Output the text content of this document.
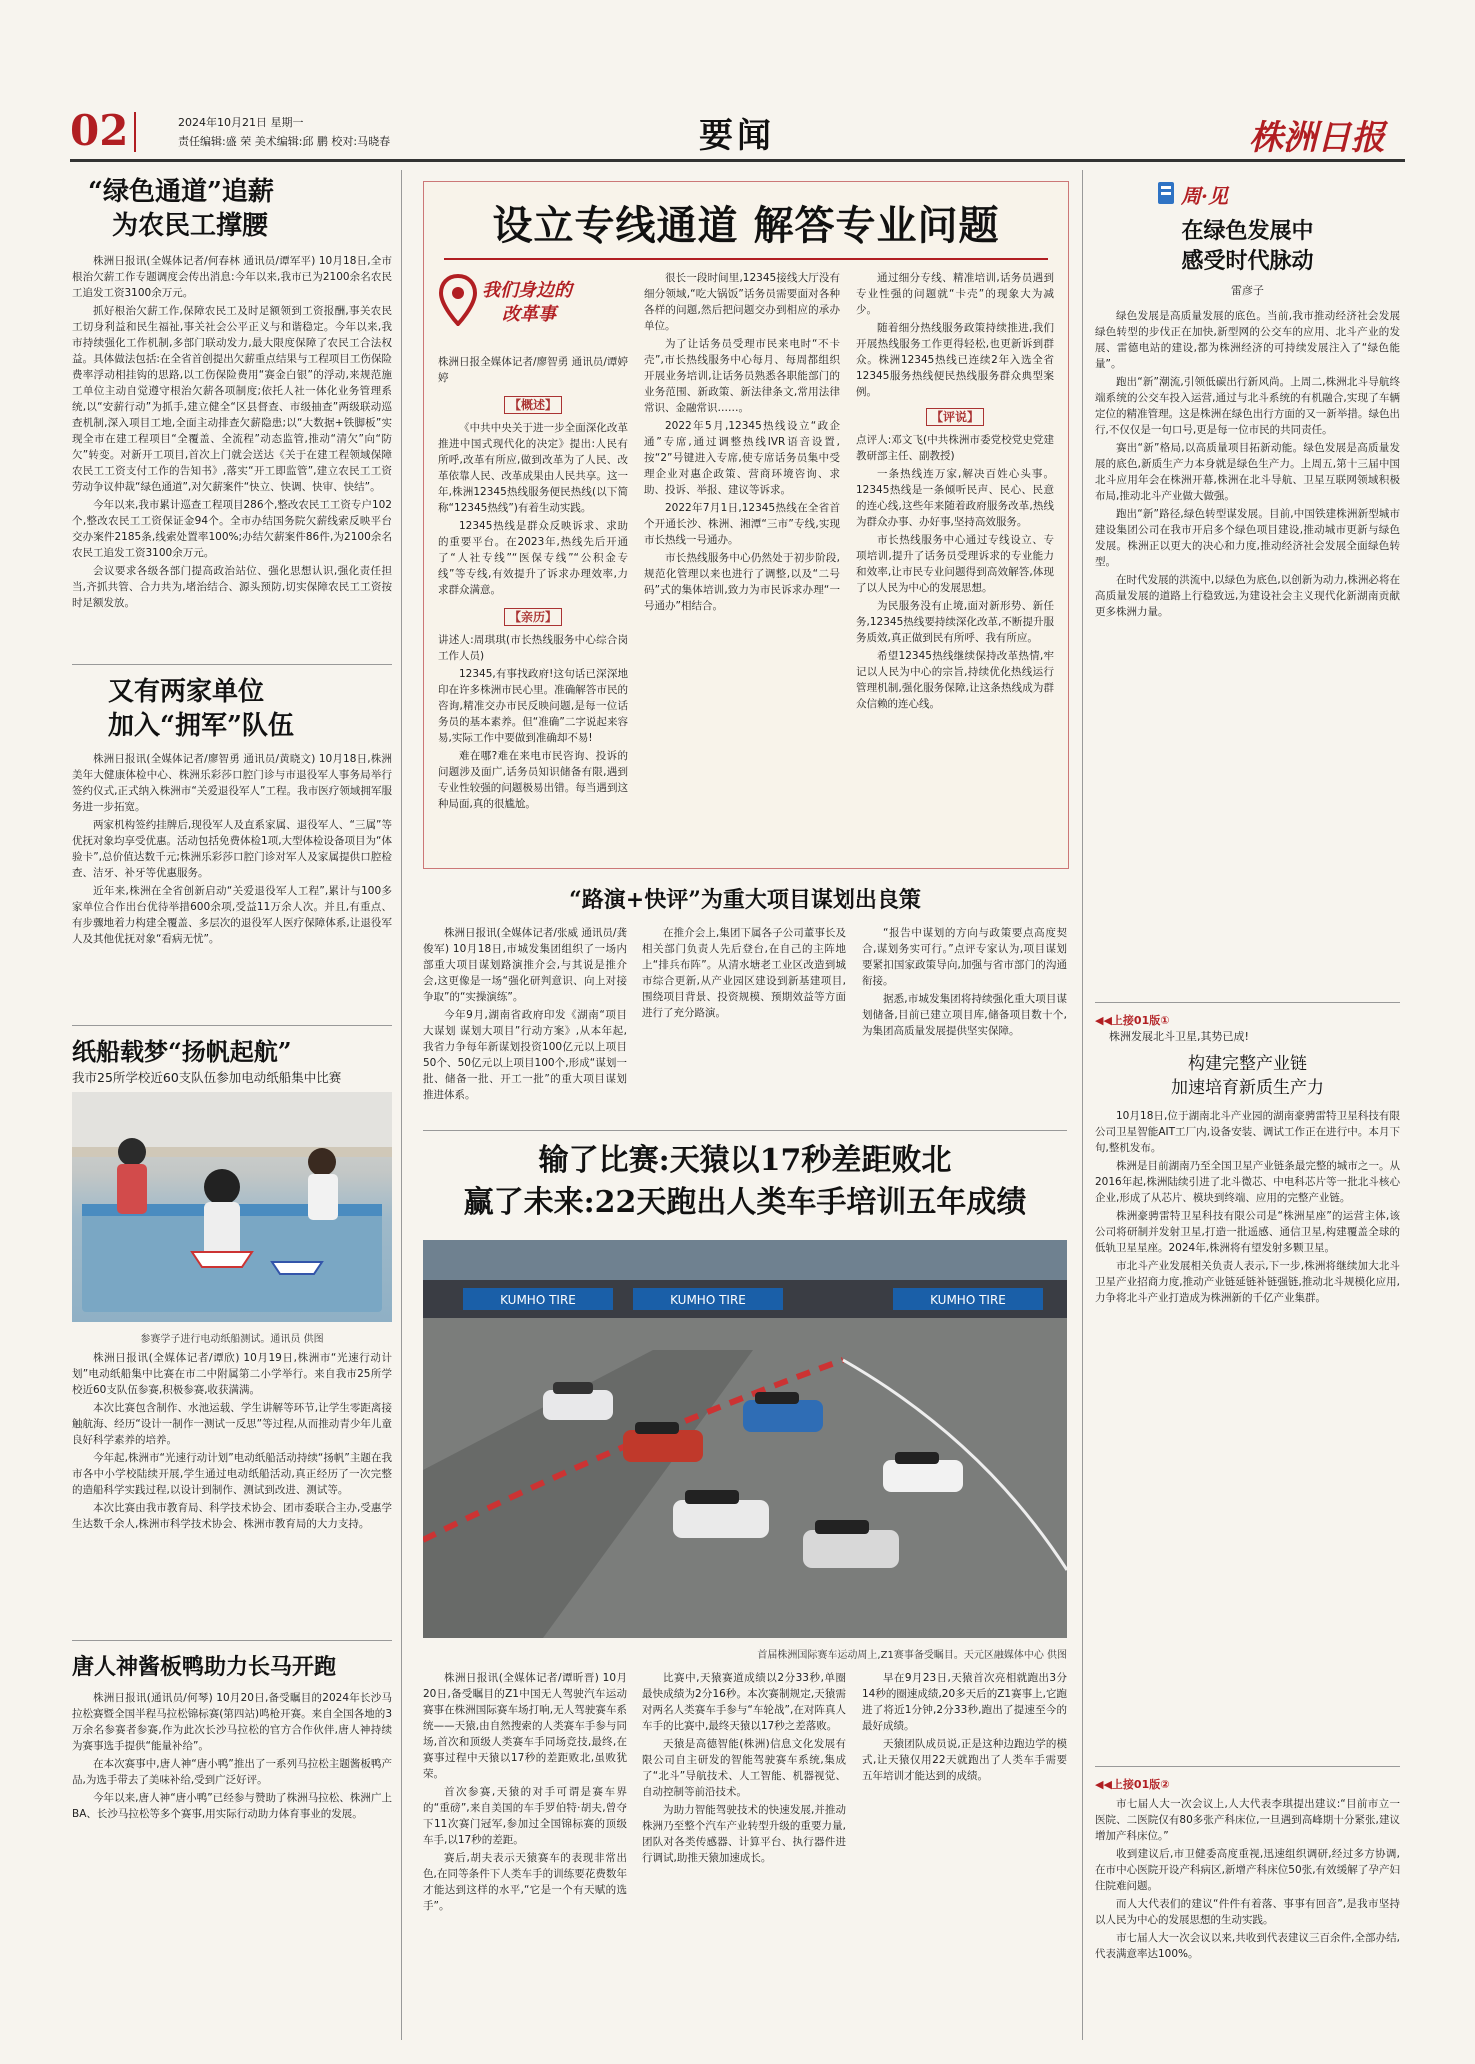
02	2024年10月21日 星期一
责任编辑:盛 荣 美术编辑:邱 鹏 校对:马晓春	要闻	株洲日报
“绿色通道”追薪
为农民工撑腰

株洲日报讯(全媒体记者/何春林 通讯员/谭军平) 10月18日,全市根治欠薪工作专题调度会传出消息:今年以来,我市已为2100余名农民工追发工资3100余万元。

抓好根治欠薪工作,保障农民工及时足额领到工资报酬,事关农民工切身利益和民生福祉,事关社会公平正义与和谐稳定。今年以来,我市持续强化工作机制,多部门联动发力,最大限度保障了农民工合法权益。具体做法包括:在全省首创提出欠薪重点结果与工程项目工伤保险费率浮动相挂钩的思路,以工伤保险费用“赛金白银”的浮动,来规范施工单位主动自觉遵守根治欠薪各项制度;依托人社一体化业务管理系统,以“安薪行动”为抓手,建立健全“区县督查、市级抽查”两级联动巡查机制,深入项目工地,全面主动排查欠薪隐患;以“大数据+铁脚板”实现全市在建工程项目“全覆盖、全流程”动态监管,推动“清欠”向“防欠”转变。对新开工项目,首次上门就会送达《关于在建工程领域保障农民工工资支付工作的告知书》,落实“开工即监管”,建立农民工工资劳动争议仲裁“绿色通道”,对欠薪案件“快立、快调、快审、快结”。

今年以来,我市累计巡查工程项目286个,整改农民工工资专户102个,整改农民工工资保证金94个。全市办结国务院欠薪线索反映平台交办案件2185条,线索处置率100%;办结欠薪案件86件,为2100余名农民工追发工资3100余万元。

会议要求各级各部门提高政治站位、强化思想认识,强化责任担当,齐抓共管、合力共为,堵治结合、源头预防,切实保障农民工工资按时足额发放。

又有两家单位
加入“拥军”队伍

株洲日报讯(全媒体记者/廖智勇 通讯员/黄晓文) 10月18日,株洲美年大健康体检中心、株洲乐彩莎口腔门诊与市退役军人事务局举行签约仪式,正式纳入株洲市“关爱退役军人”工程。我市医疗领域拥军服务进一步拓宽。

两家机构签约挂牌后,现役军人及直系家属、退役军人、“三属”等优抚对象均享受优惠。活动包括免费体检1项,大型体检设备项目为“体验卡”,总价值达数千元;株洲乐彩莎口腔门诊对军人及家属提供口腔检查、洁牙、补牙等优惠服务。

近年来,株洲在全省创新启动“关爱退役军人工程”,累计与100多家单位合作出台优待举措600余项,受益11万余人次。并且,有重点、有步骤地着力构建全覆盖、多层次的退役军人医疗保障体系,让退役军人及其他优抚对象“看病无忧”。

纸船载梦“扬帆起航”
我市25所学校近60支队伍参加电动纸船集中比赛
参赛学子进行电动纸船测试。通讯员 供图

株洲日报讯(全媒体记者/谭欣) 10月19日,株洲市“光速行动计划”电动纸船集中比赛在市二中附属第二小学举行。来自我市25所学校近60支队伍参赛,积极参赛,收获满满。

本次比赛包含制作、水池运载、学生讲解等环节,让学生零距离接触航海、经历“设计一制作一测试一反思”等过程,从而推动青少年儿童良好科学素养的培养。

今年起,株洲市“光速行动计划”电动纸船活动持续“扬帆”主题在我市各中小学校陆续开展,学生通过电动纸船活动,真正经历了一次完整的造船科学实践过程,以设计到制作、测试到改进、测试等。

本次比赛由我市教育局、科学技术协会、团市委联合主办,受惠学生达数千余人,株洲市科学技术协会、株洲市教育局的大力支持。

唐人神酱板鸭助力长马开跑

株洲日报讯(通讯员/何琴) 10月20日,备受瞩目的2024年长沙马拉松赛暨全国半程马拉松锦标赛(第四站)鸣枪开赛。来自全国各地的3万余名参赛者参赛,作为此次长沙马拉松的官方合作伙伴,唐人神持续为赛事选手提供“能量补给”。

在本次赛事中,唐人神“唐小鸭”推出了一系列马拉松主题酱板鸭产品,为选手带去了美味补给,受到广泛好评。

今年以来,唐人神“唐小鸭”已经参与赞助了株洲马拉松、株洲广上BA、长沙马拉松等多个赛事,用实际行动助力体育事业的发展。

设立专线通道 解答专业问题
我们身边的
改革事

株洲日报全媒体记者/廖智勇 通讯员/谭婷婷

【概述】

《中共中央关于进一步全面深化改革 推进中国式现代化的决定》提出:人民有所呼,改革有所应,做到改革为了人民、改革依靠人民、改革成果由人民共享。这一年,株洲12345热线服务便民热线(以下简称“12345热线”)有着生动实践。

12345热线是群众反映诉求、求助的重要平台。在2023年,热线先后开通了“人社专线”“医保专线”“公积金专线”等专线,有效提升了诉求办理效率,力求群众满意。

【亲历】

讲述人:周琪琪(市长热线服务中心综合岗工作人员)

12345,有事找政府!这句话已深深地印在许多株洲市民心里。准确解答市民的咨询,精准交办市民反映问题,是每一位话务员的基本素养。但“准确”二字说起来容易,实际工作中要做到准确却不易!

难在哪?难在来电市民咨询、投诉的问题涉及面广,话务员知识储备有限,遇到专业性较强的问题极易出错。每当遇到这种局面,真的很尴尬。

很长一段时间里,12345接线大厅没有细分领域,“吃大锅饭”话务员需要面对各种各样的问题,然后把问题交办到相应的承办单位。

为了让话务员受理市民来电时“不卡壳”,市长热线服务中心每月、每周都组织开展业务培训,让话务员熟悉各职能部门的业务范围、新政策、新法律条文,常用法律常识、金融常识……。

2022年5月,12345热线设立“政企通”专席,通过调整热线IVR语音设置,按“2”号键进入专席,使专席话务员集中受理企业对惠企政策、营商环境咨询、求助、投诉、举报、建议等诉求。

2022年7月1日,12345热线在全省首个开通长沙、株洲、湘潭“三市”专线,实现市长热线一号通办。

市长热线服务中心仍然处于初步阶段,规范化管理以来也进行了调整,以及“二号码”式的集体培训,致力为市民诉求办理“一号通办”相结合。

通过细分专线、精准培训,话务员遇到专业性强的问题就“卡壳”的现象大为减少。

随着细分热线服务政策持续推进,我们开展热线服务工作更得轻松,也更新诉到群众。株洲12345热线已连续2年入选全省12345服务热线便民热线服务群众典型案例。

【评说】

点评人:邓文飞(中共株洲市委党校党史党建教研部主任、副教授)

一条热线连万家,解决百姓心头事。12345热线是一条倾听民声、民心、民意的连心线,这些年来随着政府服务改革,热线为群众办事、办好事,坚持高效服务。

市长热线服务中心通过专线设立、专项培训,提升了话务员受理诉求的专业能力和效率,让市民专业问题得到高效解答,体现了以人民为中心的发展思想。

为民服务没有止境,面对新形势、新任务,12345热线要持续深化改革,不断提升服务质效,真正做到民有所呼、我有所应。

希望12345热线继续保持改革热情,牢记以人民为中心的宗旨,持续优化热线运行管理机制,强化服务保障,让这条热线成为群众信赖的连心线。

“路演+快评”为重大项目谋划出良策

株洲日报讯(全媒体记者/张威 通讯员/龚俊军) 10月18日,市城发集团组织了一场内部重大项目谋划路演推介会,与其说是推介会,这更像是一场“强化研判意识、向上对接争取”的“实操演练”。

今年9月,湖南省政府印发《湖南“项目大谋划 谋划大项目”行动方案》,从本年起,我省力争每年新谋划投资100亿元以上项目50个、50亿元以上项目100个,形成“谋划一批、储备一批、开工一批”的重大项目谋划推进体系。

在推介会上,集团下属各子公司董事长及相关部门负责人先后登台,在自己的主阵地上“排兵布阵”。从清水塘老工业区改造到城市综合更新,从产业园区建设到新基建项目,围绕项目背景、投资规模、预期效益等方面进行了充分路演。

“报告中谋划的方向与政策要点高度契合,谋划务实可行。”点评专家认为,项目谋划要紧扣国家政策导向,加强与省市部门的沟通衔接。

据悉,市城发集团将持续强化重大项目谋划储备,目前已建立项目库,储备项目数十个,为集团高质量发展提供坚实保障。

输了比赛:天猿以17秒差距败北
赢了未来:22天跑出人类车手培训五年成绩
KUMHO TIRE	KUMHO TIRE	KUMHO TIRE
首届株洲国际赛车运动周上,Z1赛事备受瞩目。天元区融媒体中心 供图

株洲日报讯(全媒体记者/谭昕晋) 10月20日,备受瞩目的Z1中国无人驾驶汽车运动赛事在株洲国际赛车场打响,无人驾驶赛车系统——天猿,由自然搜索的人类赛车手参与同场,首次和顶级人类赛车手同场竞技,最终,在赛事过程中天猿以17秒的差距败北,虽败犹荣。

首次参赛,天猿的对手可谓是赛车界的“重磅”,来自美国的车手罗伯特·胡夫,曾夺下11次赛门冠军,参加过全国锦标赛的顶级车手,以17秒的差距。

赛后,胡夫表示天猿赛车的表现非常出色,在同等条件下人类车手的训练要花费数年才能达到这样的水平,“它是一个有天赋的选手”。

比赛中,天猿赛道成绩以2分33秒,单圈最快成绩为2分16秒。本次赛制规定,天猿需对两名人类赛车手参与“车轮战”,在对阵真人车手的比赛中,最终天猿以17秒之差落败。

天猿是高德智能(株洲)信息文化发展有限公司自主研发的智能驾驶赛车系统,集成了“北斗”导航技术、人工智能、机器视觉、自动控制等前沿技术。

为助力智能驾驶技术的快速发展,并推动株洲乃至整个汽车产业转型升级的重要力量,团队对各类传感器、计算平台、执行器件进行调试,助推天猿加速成长。

早在9月23日,天猿首次亮相就跑出3分14秒的圈速成绩,20多天后的Z1赛事上,它跑进了将近1分钟,2分33秒,跑出了提速至今的最好成绩。

天猿团队成员说,正是这种边跑边学的模式,让天猿仅用22天就跑出了人类车手需要五年培训才能达到的成绩。

周·见
在绿色发展中
感受时代脉动
雷彦子

绿色发展是高质量发展的底色。当前,我市推动经济社会发展绿色转型的步伐正在加快,新型网的公交车的应用、北斗产业的发展、雷德电站的建设,都为株洲经济的可持续发展注入了“绿色能量”。

跑出“新”潮流,引领低碳出行新风尚。上周二,株洲北斗导航终端系统的公交车投入运营,通过与北斗系统的有机融合,实现了车辆定位的精准管理。这是株洲在绿色出行方面的又一新举措。绿色出行,不仅仅是一句口号,更是每一位市民的共同责任。

赛出“新”格局,以高质量项目拓新动能。绿色发展是高质量发展的底色,新质生产力本身就是绿色生产力。上周五,第十三届中国北斗应用年会在株洲开幕,株洲在北斗导航、卫星互联网领域积极布局,推动北斗产业做大做强。

跑出“新”路径,绿色转型谋发展。目前,中国铁建株洲新型城市建设集团公司在我市开启多个绿色项目建设,推动城市更新与绿色发展。株洲正以更大的决心和力度,推动经济社会发展全面绿色转型。

在时代发展的洪流中,以绿色为底色,以创新为动力,株洲必将在高质量发展的道路上行稳致远,为建设社会主义现代化新湖南贡献更多株洲力量。

◀◀上接01版①
株洲发展北斗卫星,其势已成!
构建完整产业链
加速培育新质生产力

10月18日,位于湖南北斗产业园的湖南豪骋雷特卫星科技有限公司卫星智能AIT工厂内,设备安装、调试工作正在进行中。本月下旬,整机发布。

株洲是目前湖南乃至全国卫星产业链条最完整的城市之一。从2016年起,株洲陆续引进了北斗微芯、中电科芯片等一批北斗核心企业,形成了从芯片、模块到终端、应用的完整产业链。

株洲豪骋雷特卫星科技有限公司是“株洲星座”的运营主体,该公司将研制并发射卫星,打造一批遥感、通信卫星,构建覆盖全球的低轨卫星星座。2024年,株洲将有望发射多颗卫星。

市北斗产业发展相关负责人表示,下一步,株洲将继续加大北斗卫星产业招商力度,推动产业链延链补链强链,推动北斗规模化应用,力争将北斗产业打造成为株洲新的千亿产业集群。

◀◀上接01版②

市七届人大一次会议上,人大代表李琪提出建议:“目前市立一医院、二医院仅有80多张产科床位,一旦遇到高峰期十分紧张,建议增加产科床位。”

收到建议后,市卫健委高度重视,迅速组织调研,经过多方协调,在市中心医院开设产科病区,新增产科床位50张,有效缓解了孕产妇住院难问题。

而人大代表们的建议“件件有着落、事事有回音”,是我市坚持以人民为中心的发展思想的生动实践。

市七届人大一次会议以来,共收到代表建议三百余件,全部办结,代表满意率达100%。
